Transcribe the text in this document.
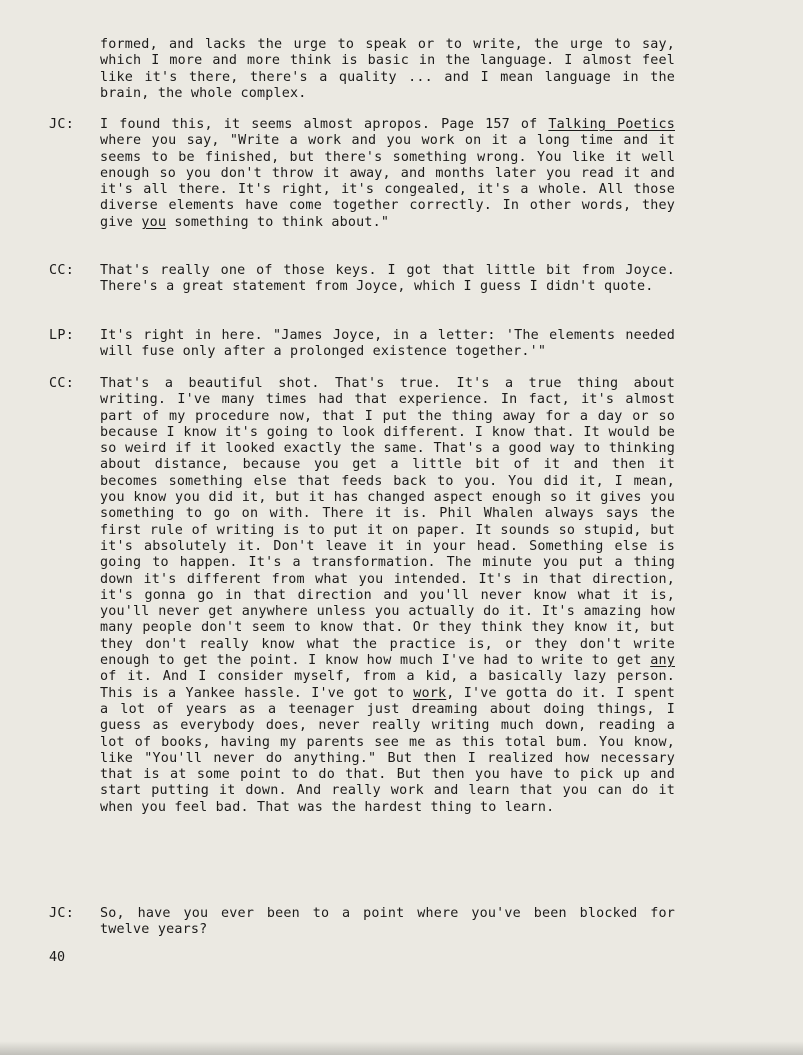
formed, and lacks the urge to speak or to write, the urge to say, which I more and more think is basic in the language. I almost feel like it's there, there's a quality ... and I mean language in the brain, the whole complex.
JC: I found this, it seems almost apropos. Page 157 of Talking Poetics where you say, "Write a work and you work on it a long time and it seems to be finished, but there's something wrong. You like it well enough so you don't throw it away, and months later you read it and it's all there. It's right, it's congealed, it's a whole. All those diverse elements have come together correctly. In other words, they give you something to think about."
CC: That's really one of those keys. I got that little bit from Joyce. There's a great statement from Joyce, which I guess I didn't quote.
LP: It's right in here. "James Joyce, in a letter: 'The elements needed will fuse only after a prolonged existence together.'"
CC: That's a beautiful shot. That's true. It's a true thing about writing. I've many times had that experience. In fact, it's almost part of my procedure now, that I put the thing away for a day or so because I know it's going to look different. I know that. It would be so weird if it looked exactly the same. That's a good way to thinking about distance, because you get a little bit of it and then it becomes something else that feeds back to you. You did it, I mean, you know you did it, but it has changed aspect enough so it gives you something to go on with. There it is. Phil Whalen always says the first rule of writing is to put it on paper. It sounds so stupid, but it's absolutely it. Don't leave it in your head. Something else is going to happen. It's a transformation. The minute you put a thing down it's different from what you intended. It's in that direction, it's gonna go in that direction and you'll never know what it is, you'll never get anywhere unless you actually do it. It's amazing how many people don't seem to know that. Or they think they know it, but they don't really know what the practice is, or they don't write enough to get the point. I know how much I've had to write to get any of it. And I consider myself, from a kid, a basically lazy person. This is a Yankee hassle. I've got to work, I've gotta do it. I spent a lot of years as a teenager just dreaming about doing things, I guess as everybody does, never really writing much down, reading a lot of books, having my parents see me as this total bum. You know, like "You'll never do anything." But then I realized how necessary that is at some point to do that. But then you have to pick up and start putting it down. And really work and learn that you can do it when you feel bad. That was the hardest thing to learn.
JC: So, have you ever been to a point where you've been blocked for twelve years?
40
